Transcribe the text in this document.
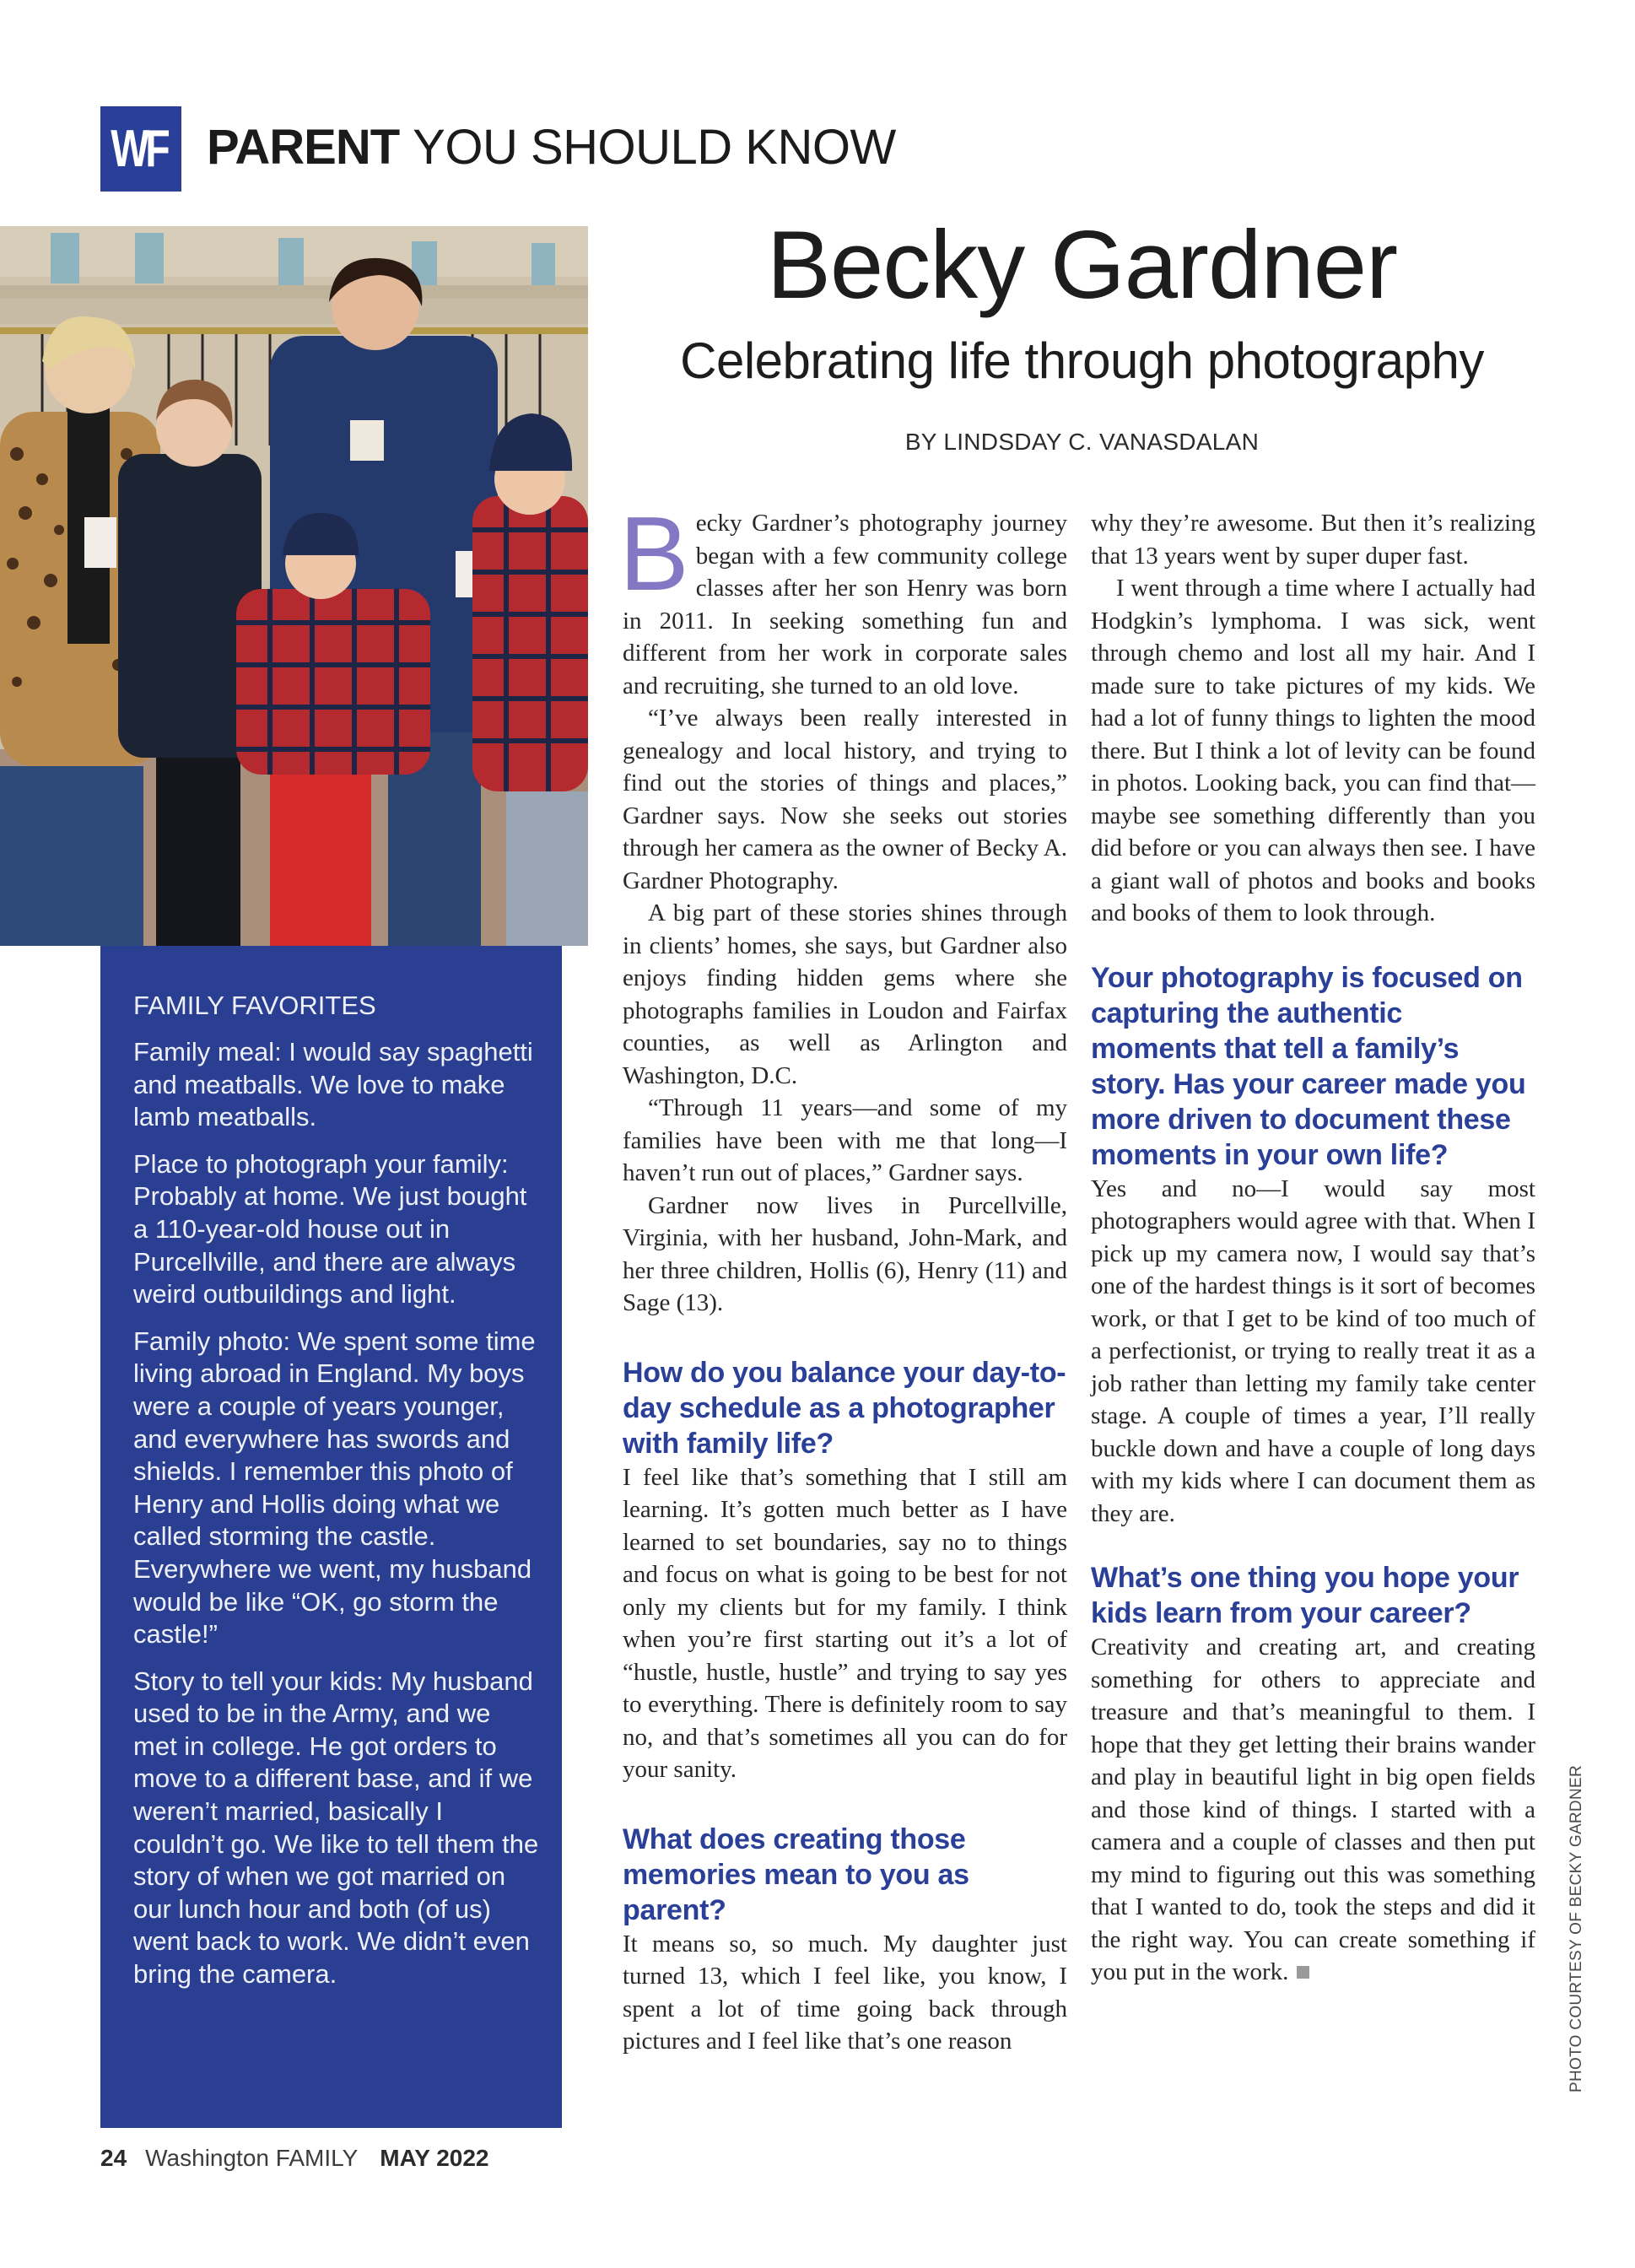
WF PARENT YOU SHOULD KNOW
Becky Gardner
Celebrating life through photography
BY LINDSDAY C. VANASDALAN

Becky Gardner’s photography journey began with a few community college classes after her son Henry was born in 2011. In seeking something fun and different from her work in corporate sales and recruiting, she turned to an old love.

“I’ve always been really interested in genealogy and local history, and trying to find out the stories of things and places,” Gardner says. Now she seeks out stories through her camera as the owner of Becky A. Gardner Photography.

A big part of these stories shines through in clients’ homes, she says, but Gardner also enjoys finding hidden gems where she photographs families in Loudon and Fairfax counties, as well as Arlington and Washington, D.C.

“Through 11 years—and some of my families have been with me that long—I haven’t run out of places,” Gardner says.

Gardner now lives in Purcellville, Virginia, with her husband, John-Mark, and her three children, Hollis (6), Henry (11) and Sage (13).

How do you balance your day-to-day schedule as a photographer with family life?

I feel like that’s something that I still am learning. It’s gotten much better as I have learned to set boundaries, say no to things and focus on what is going to be best for not only my clients but for my family. I think when you’re first starting out it’s a lot of “hustle, hustle, hustle” and trying to say yes to everything. There is definitely room to say no, and that’s sometimes all you can do for your sanity.

What does creating those memories mean to you as parent?

It means so, so much. My daughter just turned 13, which I feel like, you know, I spent a lot of time going back through pictures and I feel like that’s one reason

why they’re awesome. But then it’s realizing that 13 years went by super duper fast.

I went through a time where I actually had Hodgkin’s lymphoma. I was sick, went through chemo and lost all my hair. And I made sure to take pictures of my kids. We had a lot of funny things to lighten the mood there. But I think a lot of levity can be found in photos. Looking back, you can find that—maybe see something differently than you did before or you can always then see. I have a giant wall of photos and books and books and books of them to look through.

Your photography is focused on capturing the authentic moments that tell a family’s story. Has your career made you more driven to document these moments in your own life?

Yes and no—I would say most photographers would agree with that. When I pick up my camera now, I would say that’s one of the hardest things is it sort of becomes work, or that I get to be kind of too much of a perfectionist, or trying to really treat it as a job rather than letting my family take center stage. A couple of times a year, I’ll really buckle down and have a couple of long days with my kids where I can document them as they are.

What’s one thing you hope your kids learn from your career?

Creativity and creating art, and creating something for others to appreciate and treasure and that’s meaningful to them. I hope that they get letting their brains wander and play in beautiful light in big open fields and those kind of things. I started with a camera and a couple of classes and then put my mind to figuring out this was something that I wanted to do, took the steps and did it the right way. You can create something if you put in the work.

FAMILY FAVORITES

Family meal: I would say spaghetti and meatballs. We love to make lamb meatballs.

Place to photograph your family: Probably at home. We just bought a 110-year-old house out in Purcellville, and there are always weird outbuildings and light.

Family photo: We spent some time living abroad in England. My boys were a couple of years younger, and everywhere has swords and shields. I remember this photo of Henry and Hollis doing what we called storming the castle. Everywhere we went, my husband would be like “OK, go storm the castle!”

Story to tell your kids: My husband used to be in the Army, and we met in college. He got orders to move to a different base, and if we weren’t married, basically I couldn’t go. We like to tell them the story of when we got married on our lunch hour and both (of us) went back to work. We didn’t even bring the camera.

24 Washington FAMILY MAY 2022
PHOTO COURTESY OF BECKY GARDNER
